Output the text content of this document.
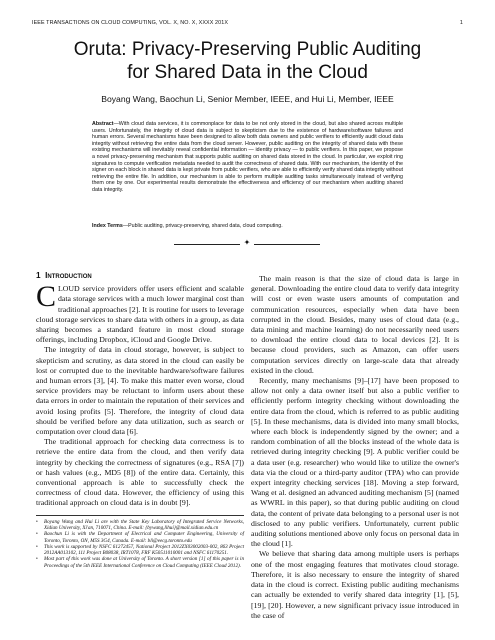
IEEE TRANSACTIONS ON CLOUD COMPUTING, VOL. X, NO. X, XXXX 201X	1
Oruta: Privacy-Preserving Public Auditing
for Shared Data in the Cloud
Boyang Wang, Baochun Li, Senior Member, IEEE, and Hui Li, Member, IEEE
Abstract—With cloud data services, it is commonplace for data to be not only stored in the cloud, but also shared across multiple users. Unfortunately, the integrity of cloud data is subject to skepticism due to the existence of hardware/software failures and human errors. Several mechanisms have been designed to allow both data owners and public verifiers to efficiently audit cloud data integrity without retrieving the entire data from the cloud server. However, public auditing on the integrity of shared data with these existing mechanisms will inevitably reveal confidential information — identity privacy — to public verifiers. In this paper, we propose a novel privacy-preserving mechanism that supports public auditing on shared data stored in the cloud. In particular, we exploit ring signatures to compute verification metadata needed to audit the correctness of shared data. With our mechanism, the identity of the signer on each block in shared data is kept private from public verifiers, who are able to efficiently verify shared data integrity without retrieving the entire file. In addition, our mechanism is able to perform multiple auditing tasks simultaneously instead of verifying them one by one. Our experimental results demonstrate the effectiveness and efficiency of our mechanism when auditing shared data integrity.
Index Terms—Public auditing, privacy-preserving, shared data, cloud computing.
✦
1 Introduction

CLOUD service providers offer users efficient and scalable data storage services with a much lower marginal cost than traditional approaches [2]. It is routine for users to leverage cloud storage services to share data with others in a group, as data sharing becomes a standard feature in most cloud storage offerings, including Dropbox, iCloud and Google Drive.

The integrity of data in cloud storage, however, is subject to skepticism and scrutiny, as data stored in the cloud can easily be lost or corrupted due to the inevitable hardware/software failures and human errors [3], [4]. To make this matter even worse, cloud service providers may be reluctant to inform users about these data errors in order to maintain the reputation of their services and avoid losing profits [5]. Therefore, the integrity of cloud data should be verified before any data utilization, such as search or computation over cloud data [6].

The traditional approach for checking data correctness is to retrieve the entire data from the cloud, and then verify data integrity by checking the correctness of signatures (e.g., RSA [7]) or hash values (e.g., MD5 [8]) of the entire data. Certainly, this conventional approach is able to successfully check the correctness of cloud data. However, the efficiency of using this traditional approach on cloud data is in doubt [9].

•	Boyang Wang and Hui Li are with the State Key Laboratory of Integrated Service Networks, Xidian University, Xi'an, 710071, China. E-mail: {bywang,lihui}@mail.xidian.edu.cn
•	Baochun Li is with the Department of Electrical and Computer Engineering, University of Toronto, Toronto, ON, M5S 3G4, Canada. E-mail: bli@eecg.toronto.edu
•	This work is supported by NSFC 61272457, National Project 2012ZX03002003-002, 863 Project 2012AA013102, 111 Project B08038, IRT1078, FRF K50511010001 and NSFC 61170251.
•	Most part of this work was done at University of Toronto. A short version [1] of this paper is in Proceedings of the 5th IEEE International Conference on Cloud Computing (IEEE Cloud 2012).

The main reason is that the size of cloud data is large in general. Downloading the entire cloud data to verify data integrity will cost or even waste users amounts of computation and communication resources, especially when data have been corrupted in the cloud. Besides, many uses of cloud data (e.g., data mining and machine learning) do not necessarily need users to download the entire cloud data to local devices [2]. It is because cloud providers, such as Amazon, can offer users computation services directly on large-scale data that already existed in the cloud.

Recently, many mechanisms [9]–[17] have been proposed to allow not only a data owner itself but also a public verifier to efficiently perform integrity checking without downloading the entire data from the cloud, which is referred to as public auditing [5]. In these mechanisms, data is divided into many small blocks, where each block is independently signed by the owner; and a random combination of all the blocks instead of the whole data is retrieved during integrity checking [9]. A public verifier could be a data user (e.g. researcher) who would like to utilize the owner's data via the cloud or a third-party auditor (TPA) who can provide expert integrity checking services [18]. Moving a step forward, Wang et al. designed an advanced auditing mechanism [5] (named as WWRL in this paper), so that during public auditing on cloud data, the content of private data belonging to a personal user is not disclosed to any public verifiers. Unfortunately, current public auditing solutions mentioned above only focus on personal data in the cloud [1].

We believe that sharing data among multiple users is perhaps one of the most engaging features that motivates cloud storage. Therefore, it is also necessary to ensure the integrity of shared data in the cloud is correct. Existing public auditing mechanisms can actually be extended to verify shared data integrity [1], [5], [19], [20]. However, a new significant privacy issue introduced in the case of
